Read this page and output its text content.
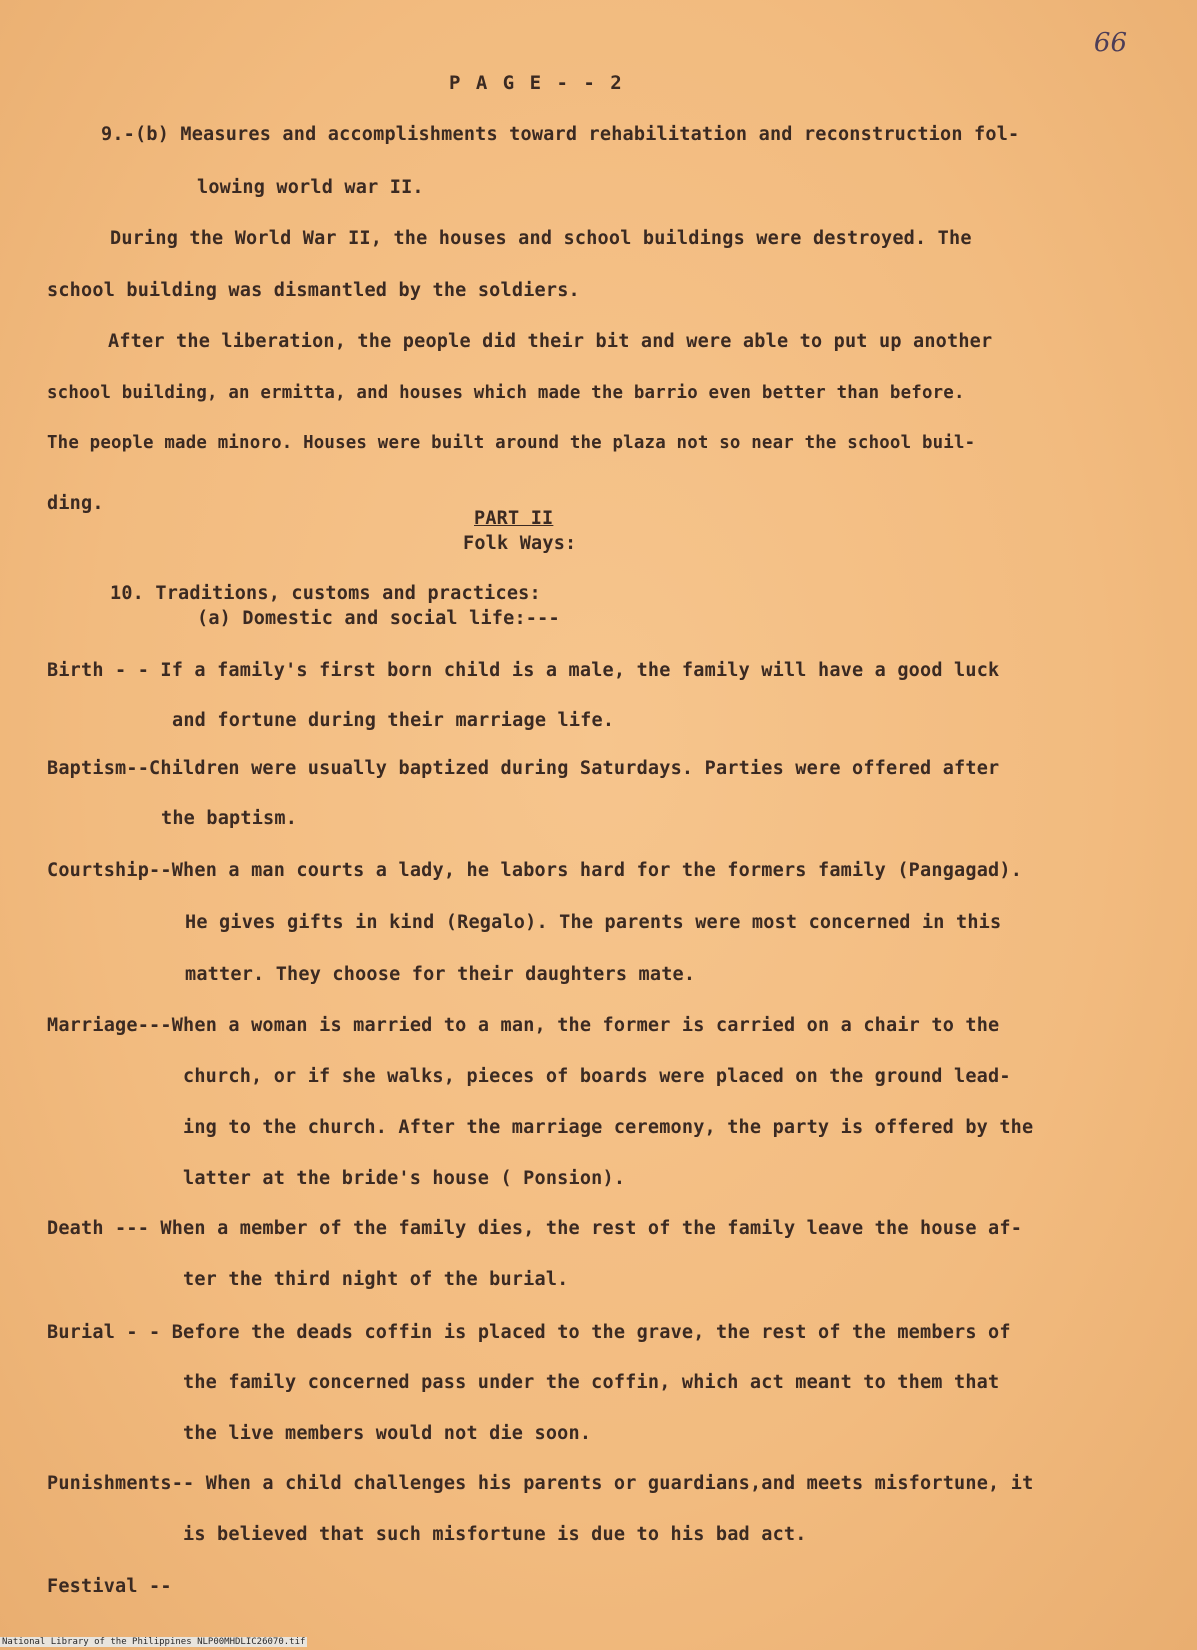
66
P A G E - - 2
9.-(b) Measures and accomplishments toward rehabilitation and reconstruction fol-
lowing world war II.
During the World War II, the houses and school buildings were destroyed. The
school building was dismantled by the soldiers.
After the liberation, the people did their bit and were able to put up another
school building, an ermitta, and houses which made the barrio even better than before.
The people made minoro. Houses were built around the plaza not so near the school buil-
ding.
PART II
Folk Ways:
10. Traditions, customs and practices:
(a) Domestic and social life:---
Birth - - If a family's first born child is a male, the family will have a good luck
and fortune during their marriage life.
Baptism--Children were usually baptized during Saturdays. Parties were offered after
the baptism.
Courtship--When a man courts a lady, he labors hard for the formers family (Pangagad).
He gives gifts in kind (Regalo). The parents were most concerned in this
matter. They choose for their daughters mate.
Marriage---When a woman is married to a man, the former is carried on a chair to the
church, or if she walks, pieces of boards were placed on the ground lead-
ing to the church. After the marriage ceremony, the party is offered by the
latter at the bride's house ( Ponsion).
Death --- When a member of the family dies, the rest of the family leave the house af-
ter the third night of the burial.
Burial - - Before the deads coffin is placed to the grave, the rest of the members of
the family concerned pass under the coffin, which act meant to them that
the live members would not die soon.
Punishments-- When a child challenges his parents or guardians,and meets misfortune, it
is believed that such misfortune is due to his bad act.
Festival --
National Library of the Philippines NLP00MHDLIC26070.tif
